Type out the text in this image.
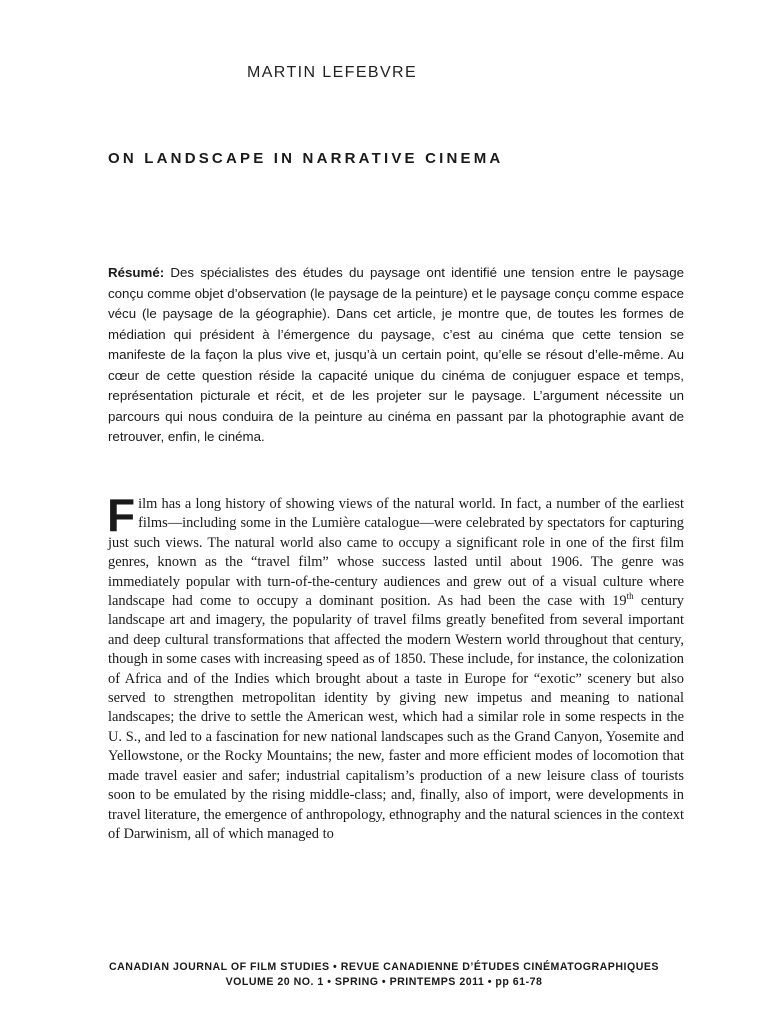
MARTIN LEFEBVRE
ON LANDSCAPE IN NARRATIVE CINEMA
Résumé: Des spécialistes des études du paysage ont identifié une tension entre le paysage conçu comme objet d’observation (le paysage de la peinture) et le paysage conçu comme espace vécu (le paysage de la géographie). Dans cet article, je montre que, de toutes les formes de médiation qui président à l’émergence du paysage, c’est au cinéma que cette tension se manifeste de la façon la plus vive et, jusqu’à un certain point, qu’elle se résout d’elle-même. Au cœur de cette question réside la capacité unique du cinéma de conjuguer espace et temps, représentation picturale et récit, et de les projeter sur le paysage. L’argument nécessite un parcours qui nous conduira de la peinture au cinéma en passant par la photographie avant de retrouver, enfin, le cinéma.
Film has a long history of showing views of the natural world. In fact, a number of the earliest films—including some in the Lumière catalogue—were celebrated by spectators for capturing just such views. The natural world also came to occupy a significant role in one of the first film genres, known as the “travel film” whose success lasted until about 1906. The genre was immediately popular with turn-of-the-century audiences and grew out of a visual culture where landscape had come to occupy a dominant position. As had been the case with 19th century landscape art and imagery, the popularity of travel films greatly benefited from several important and deep cultural transformations that affected the modern Western world throughout that century, though in some cases with increasing speed as of 1850. These include, for instance, the colonization of Africa and of the Indies which brought about a taste in Europe for “exotic” scenery but also served to strengthen metropolitan identity by giving new impetus and meaning to national landscapes; the drive to settle the American west, which had a similar role in some respects in the U. S., and led to a fascination for new national landscapes such as the Grand Canyon, Yosemite and Yellowstone, or the Rocky Mountains; the new, faster and more efficient modes of locomotion that made travel easier and safer; industrial capitalism’s production of a new leisure class of tourists soon to be emulated by the rising middle-class; and, finally, also of import, were developments in travel literature, the emergence of anthropology, ethnography and the natural sciences in the context of Darwinism, all of which managed to
CANADIAN JOURNAL OF FILM STUDIES • REVUE CANADIENNE D’ÉTUDES CINÉMATOGRAPHIQUES
VOLUME 20 NO. 1 • SPRING • PRINTEMPS 2011 • pp 61-78
